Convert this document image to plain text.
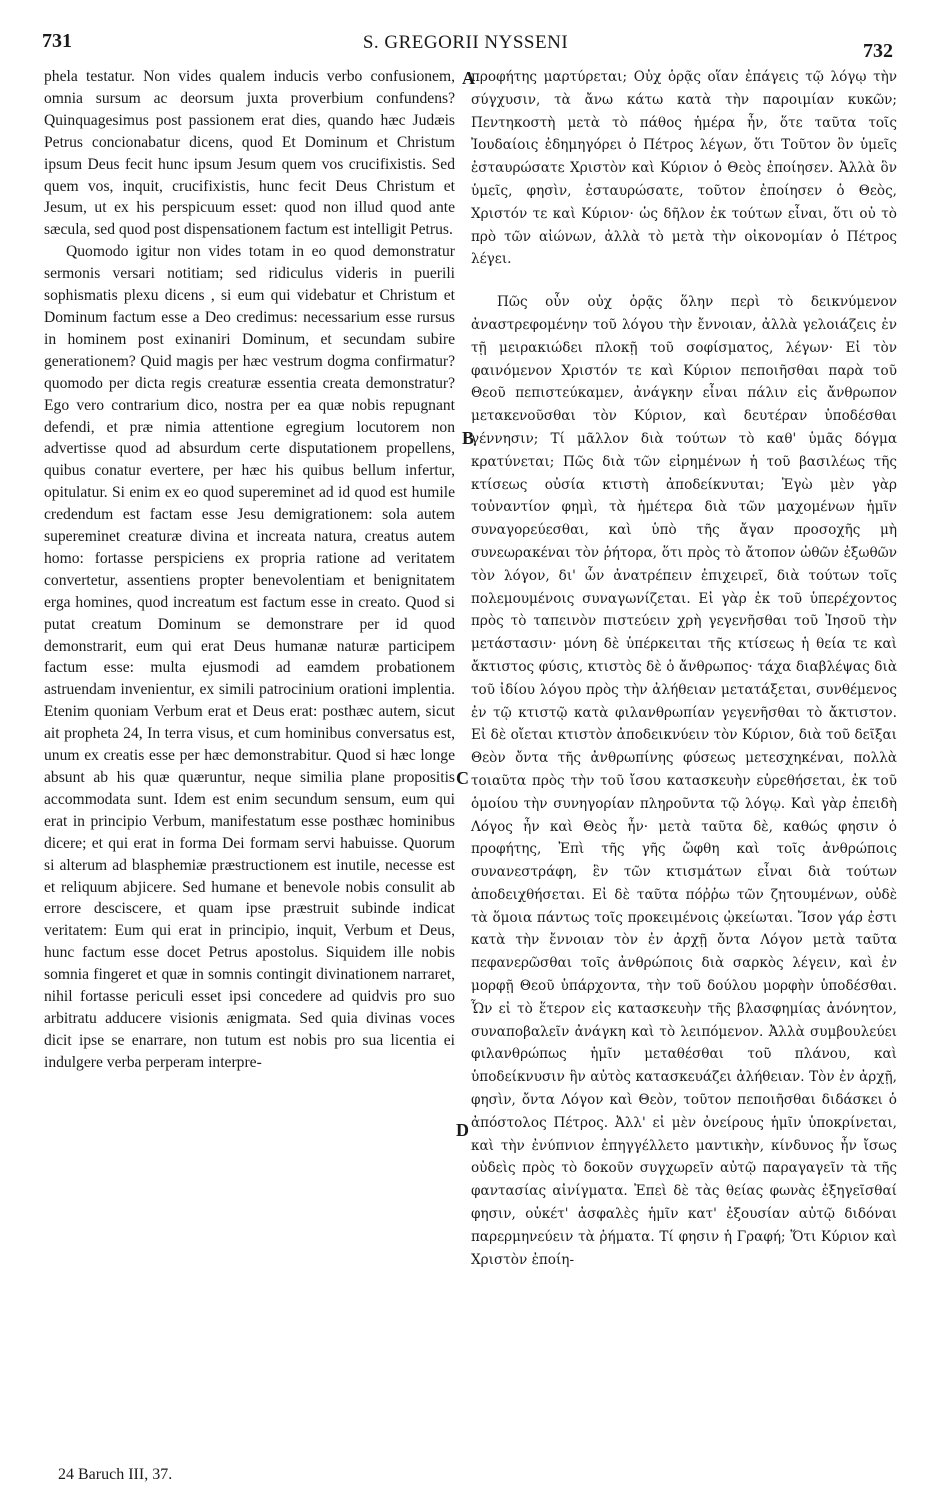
731	S. GREGORII NYSSENI	732

phela testatur. Non vides qualem inducis verbo confusionem, omnia sursum ac deorsum juxta proverbium confundens? Quinquagesimus post passionem erat dies, quando hæc Judæis Petrus concionabatur dicens, quod Et Dominum et Christum ipsum Deus fecit hunc ipsum Jesum quem vos crucifixistis. Sed quem vos, inquit, crucifixistis, hunc fecit Deus Christum et Jesum, ut ex his perspicuum esset: quod non illud quod ante sæcula, sed quod post dispensationem factum est intelligit Petrus.

Quomodo igitur non vides totam in eo quod demonstratur sermonis versari notitiam; sed ridiculus videris in puerili sophismatis plexu dicens , si eum qui videbatur et Christum et Dominum factum esse a Deo credimus: necessarium esse rursus in hominem post exinaniri Dominum, et secundam subire generationem? Quid magis per hæc vestrum dogma confirmatur? quomodo per dicta regis creaturæ essentia creata demonstratur? Ego vero contrarium dico, nostra per ea quæ nobis repugnant defendi, et præ nimia attentione egregium locutorem non advertisse quod ad absurdum certe disputationem propellens, quibus conatur evertere, per hæc his quibus bellum infertur, opitulatur. Si enim ex eo quod supereminet ad id quod est humile credendum est factam esse Jesu demigrationem: sola autem supereminet creaturæ divina et increata natura, creatus autem homo: fortasse perspiciens ex propria ratione ad veritatem convertetur, assentiens propter benevolentiam et benignitatem erga homines, quod increatum est factum esse in creato. Quod si putat creatum Dominum se demonstrare per id quod demonstrarit, eum qui erat Deus humanæ naturæ participem factum esse: multa ejusmodi ad eamdem probationem astruendam invenientur, ex simili patrocinium orationi implentia. Etenim quoniam Verbum erat et Deus erat: posthæc autem, sicut ait propheta 24, In terra visus, et cum hominibus conversatus est, unum ex creatis esse per hæc demonstrabitur. Quod si hæc longe absunt ab his quæ quæruntur, neque similia plane propositis accommodata sunt. Idem est enim secundum sensum, eum qui erat in principio Verbum, manifestatum esse posthæc hominibus dicere; et qui erat in forma Dei formam servi habuisse. Quorum si alterum ad blasphemiæ præstructionem est inutile, necesse est et reliquum abjicere. Sed humane et benevole nobis consulit ab errore desciscere, et quam ipse præstruit subinde indicat veritatem: Eum qui erat in principio, inquit, Verbum et Deus, hunc factum esse docet Petrus apostolus. Siquidem ille nobis somnia fingeret et quæ in somnis contingit divinationem narraret, nihil fortasse periculi esset ipsi concedere ad quidvis pro suo arbitratu adducere visionis ænigmata. Sed quia divinas voces dicit ipse se enarrare, non tutum est nobis pro sua licentia ei indulgere verba perperam interpre-

A
B
C
D

προφήτης μαρτύρεται; Οὐχ ὁρᾷς οἵαν ἐπάγεις τῷ λόγῳ τὴν σύγχυσιν, τὰ ἄνω κάτω κατὰ τὴν παροιμίαν κυκῶν; Πεντηκοστὴ μετὰ τὸ πάθος ἡμέρα ἦν, ὅτε ταῦτα τοῖς Ἰουδαίοις ἐδημηγόρει ὁ Πέτρος λέγων, ὅτι Τοῦτον ὃν ὑμεῖς ἐσταυρώσατε Χριστὸν καὶ Κύριον ὁ Θεὸς ἐποίησεν. Ἀλλὰ ὃν ὑμεῖς, φησὶν, ἐσταυρώσατε, τοῦτον ἐποίησεν ὁ Θεὸς, Χριστόν τε καὶ Κύριον· ὡς δῆλον ἐκ τούτων εἶναι, ὅτι οὐ τὸ πρὸ τῶν αἰώνων, ἀλλὰ τὸ μετὰ τὴν οἰκονομίαν ὁ Πέτρος λέγει.

Πῶς οὖν οὐχ ὁρᾷς ὅλην περὶ τὸ δεικνύμενον ἀναστρεφομένην τοῦ λόγου τὴν ἔννοιαν, ἀλλὰ γελοιάζεις ἐν τῇ μειρακιώδει πλοκῇ τοῦ σοφίσματος, λέγων· Εἰ τὸν φαινόμενον Χριστόν τε καὶ Κύριον πεποιῆσθαι παρὰ τοῦ Θεοῦ πεπιστεύκαμεν, ἀνάγκην εἶναι πάλιν εἰς ἄνθρωπον μετακενοῦσθαι τὸν Κύριον, καὶ δευτέραν ὑποδέσθαι γέννησιν; Τί μᾶλλον διὰ τούτων τὸ καθ' ὑμᾶς δόγμα κρατύνεται; Πῶς διὰ τῶν εἰρημένων ἡ τοῦ βασιλέως τῆς κτίσεως οὐσία κτιστὴ ἀποδείκνυται; Ἐγὼ μὲν γὰρ τοὐναντίον φημὶ, τὰ ἡμέτερα διὰ τῶν μαχομένων ἡμῖν συναγορεύεσθαι, καὶ ὑπὸ τῆς ἄγαν προσοχῆς μὴ συνεωρακέναι τὸν ῥήτορα, ὅτι πρὸς τὸ ἄτοπον ὠθῶν ἐξωθῶν τὸν λόγον, δι' ὧν ἀνατρέπειν ἐπιχειρεῖ, διὰ τούτων τοῖς πολεμουμένοις συναγωνίζεται. Εἰ γὰρ ἐκ τοῦ ὑπερέχοντος πρὸς τὸ ταπεινὸν πιστεύειν χρὴ γεγενῆσθαι τοῦ Ἰησοῦ τὴν μετάστασιν· μόνη δὲ ὑπέρκειται τῆς κτίσεως ἡ θεία τε καὶ ἄκτιστος φύσις, κτιστὸς δὲ ὁ ἄνθρωπος· τάχα διαβλέψας διὰ τοῦ ἰδίου λόγου πρὸς τὴν ἀλήθειαν μετατάξεται, συνθέμενος ἐν τῷ κτιστῷ κατὰ φιλανθρωπίαν γεγενῆσθαι τὸ ἄκτιστον. Εἰ δὲ οἴεται κτιστὸν ἀποδεικνύειν τὸν Κύριον, διὰ τοῦ δεῖξαι Θεὸν ὄντα τῆς ἀνθρωπίνης φύσεως μετεσχηκέναι, πολλὰ τοιαῦτα πρὸς τὴν τοῦ ἴσου κατασκευὴν εὑρεθήσεται, ἐκ τοῦ ὁμοίου τὴν συνηγορίαν πληροῦντα τῷ λόγῳ. Καὶ γὰρ ἐπειδὴ Λόγος ἦν καὶ Θεὸς ἦν· μετὰ ταῦτα δὲ, καθώς φησιν ὁ προφήτης, Ἐπὶ τῆς γῆς ὤφθη καὶ τοῖς ἀνθρώποις συνανεστράφη, ἓν τῶν κτισμάτων εἶναι διὰ τούτων ἀποδειχθήσεται. Εἰ δὲ ταῦτα πόῤῥω τῶν ζητουμένων, οὐδὲ τὰ ὅμοια πάντως τοῖς προκειμένοις ᾠκείωται. Ἴσον γάρ ἐστι κατὰ τὴν ἔννοιαν τὸν ἐν ἀρχῇ ὄντα Λόγον μετὰ ταῦτα πεφανερῶσθαι τοῖς ἀνθρώποις διὰ σαρκὸς λέγειν, καὶ ἐν μορφῇ Θεοῦ ὑπάρχοντα, τὴν τοῦ δούλου μορφὴν ὑποδέσθαι. Ὧν εἰ τὸ ἕτερον εἰς κατασκευὴν τῆς βλασφημίας ἀνόνητον, συναποβαλεῖν ἀνάγκη καὶ τὸ λειπόμενον. Ἀλλὰ συμβουλεύει φιλανθρώπως ἡμῖν μεταθέσθαι τοῦ πλάνου, καὶ ὑποδείκνυσιν ἣν αὐτὸς κατασκευάζει ἀλήθειαν. Τὸν ἐν ἀρχῇ, φησὶν, ὄντα Λόγον καὶ Θεὸν, τοῦτον πεποιῆσθαι διδάσκει ὁ ἀπόστολος Πέτρος. Ἀλλ' εἰ μὲν ὀνείρους ἡμῖν ὑποκρίνεται, καὶ τὴν ἐνύπνιον ἐπηγγέλλετο μαντικὴν, κίνδυνος ἦν ἴσως οὐδεὶς πρὸς τὸ δοκοῦν συγχωρεῖν αὐτῷ παραγαγεῖν τὰ τῆς φαντασίας αἰνίγματα. Ἐπεὶ δὲ τὰς θείας φωνὰς ἐξηγεῖσθαί φησιν, οὐκέτ' ἀσφαλὲς ἡμῖν κατ' ἐξουσίαν αὐτῷ διδόναι παρερμηνεύειν τὰ ῥήματα. Τί φησιν ἡ Γραφή; Ὅτι Κύριον καὶ Χριστὸν ἐποίη-

24 Baruch III, 37.
